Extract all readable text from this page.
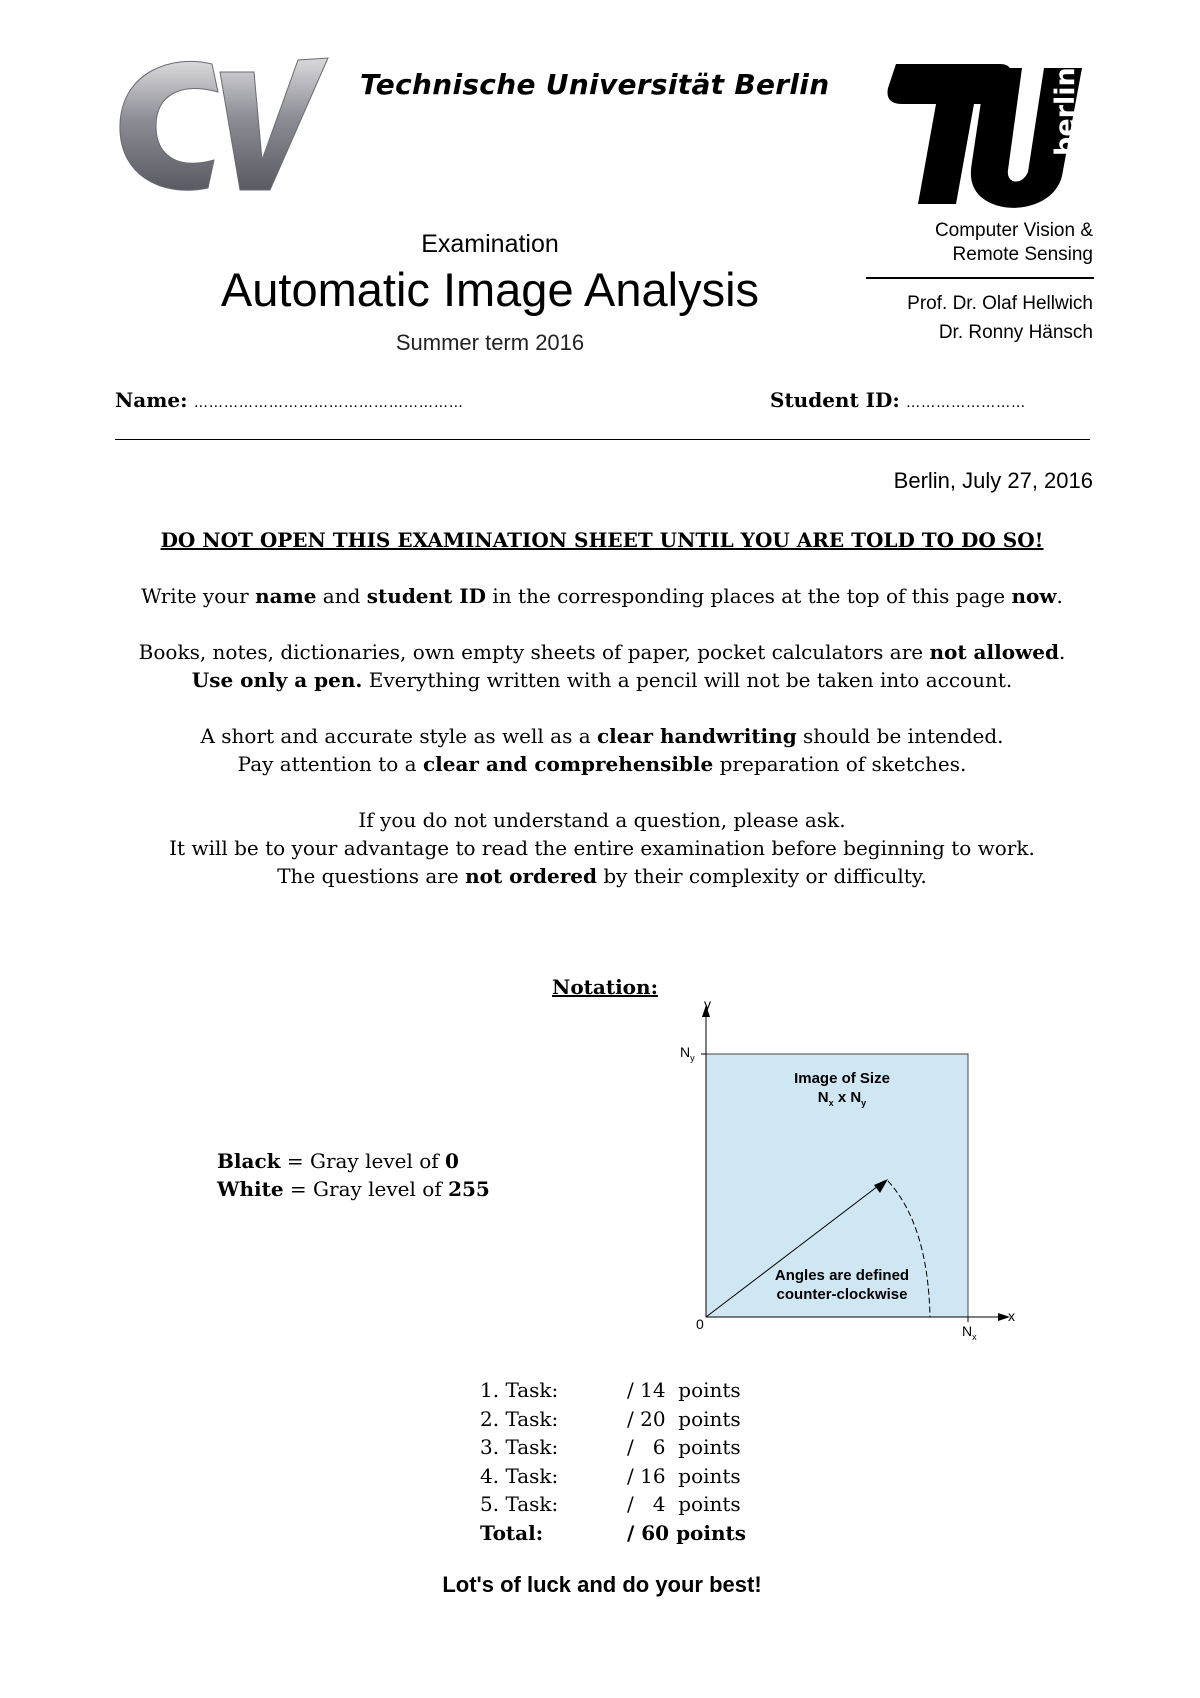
Technische Universität Berlin	berlin
Computer Vision &
Remote Sensing
Prof. Dr. Olaf Hellwich
Dr. Ronny Hänsch
Examination
Automatic Image Analysis
Summer term 2016
Name: ………………………………………………	Student ID: ……………………
Berlin, July 27, 2016
DO NOT OPEN THIS EXAMINATION SHEET UNTIL YOU ARE TOLD TO DO SO!
Write your name and student ID in the corresponding places at the top of this page now.
Books, notes, dictionaries, own empty sheets of paper, pocket calculators are not allowed.
Use only a pen. Everything written with a pencil will not be taken into account.
A short and accurate style as well as a clear handwriting should be intended.
Pay attention to a clear and comprehensible preparation of sketches.
If you do not understand a question, please ask.
It will be to your advantage to read the entire examination before beginning to work.
The questions are not ordered by their complexity or difficulty.
Notation:
Black = Gray level of 0
White = Gray level of 255
y
x
$N_y$
$N_x$
0
Image of Size
$N_x$ x $N_y$
Angles are defined
counter-clockwise
1. Task:	/ 14  points
2. Task:	/ 20  points
3. Task:	/   6  points
4. Task:	/ 16  points
5. Task:	/   4  points
Total:	/ 60 points
Lot's of luck and do your best!
